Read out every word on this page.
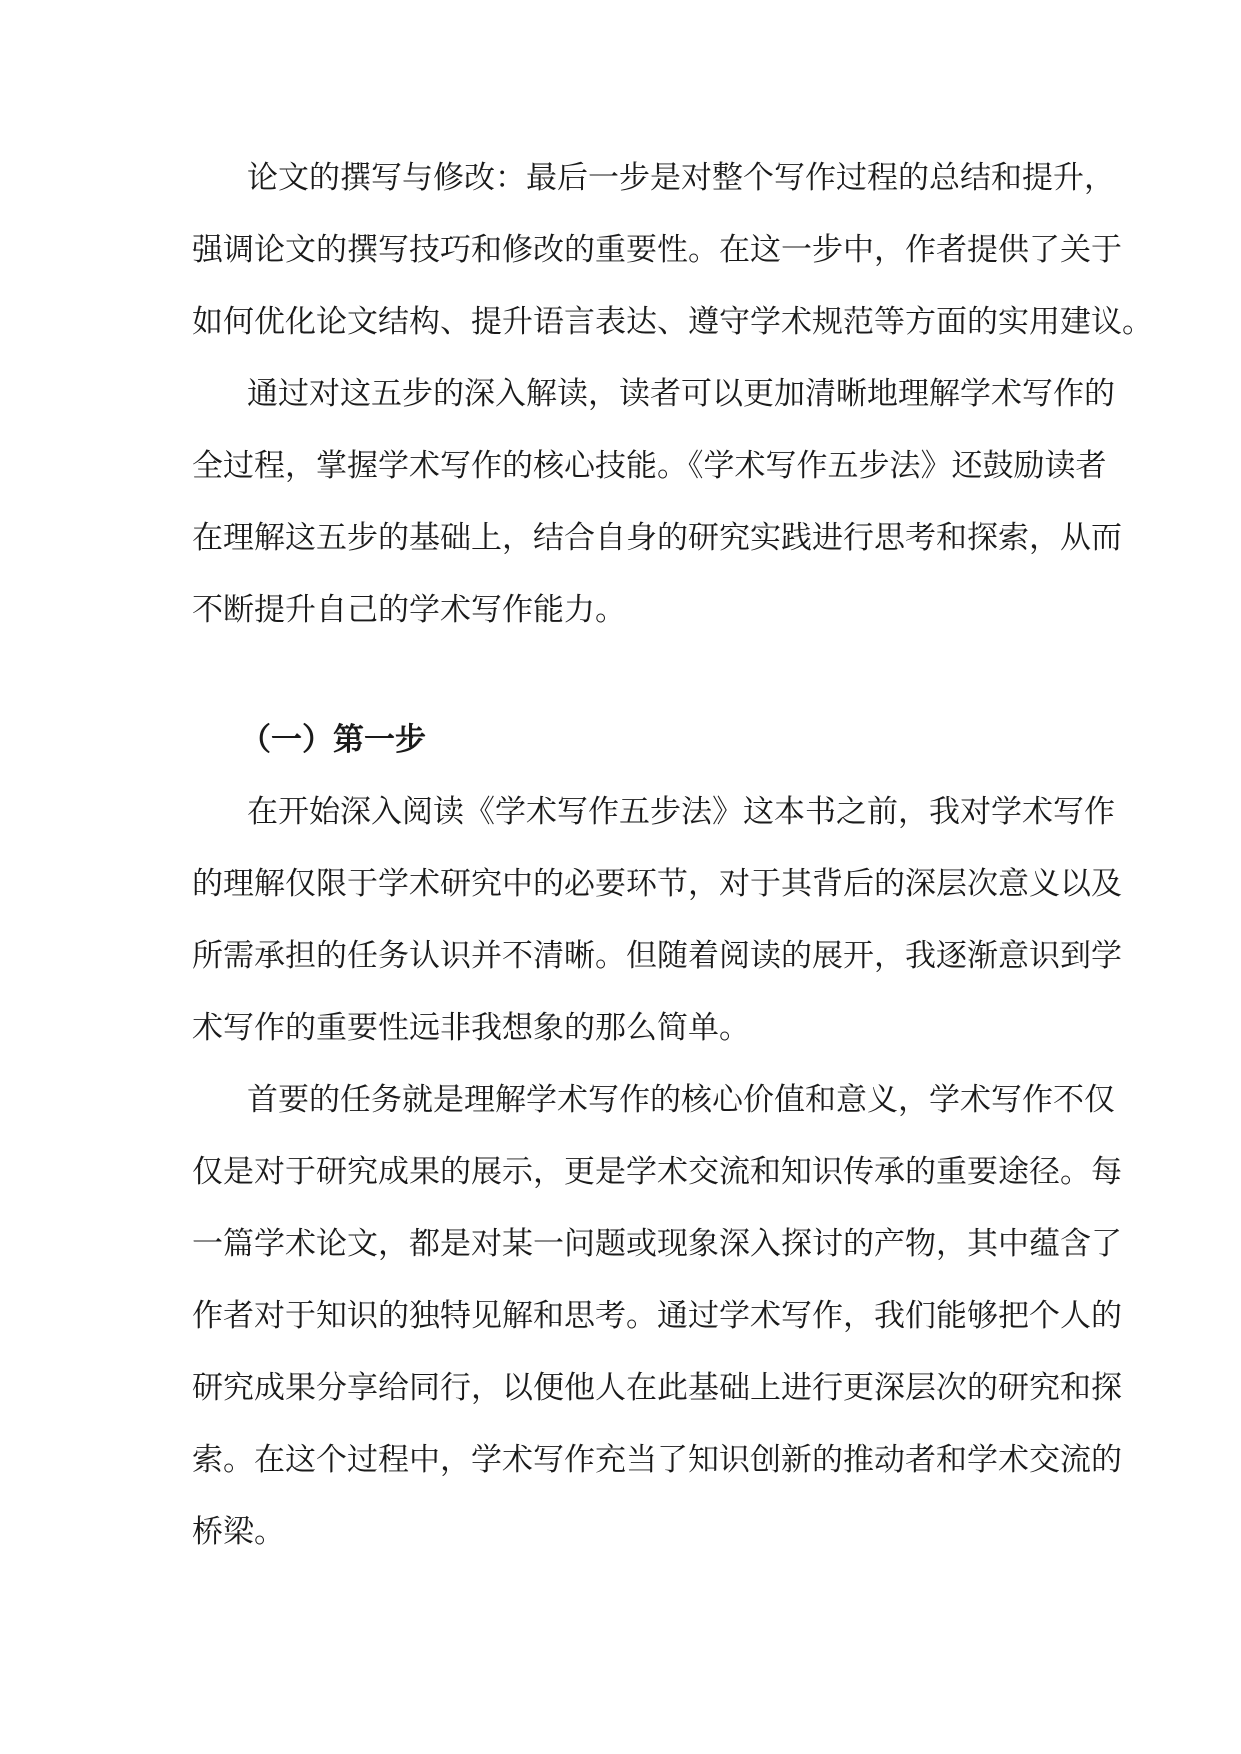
论文的撰写与修改：最后一步是对整个写作过程的总结和提升，
强调论文的撰写技巧和修改的重要性。在这一步中，作者提供了关于
如何优化论文结构、提升语言表达、遵守学术规范等方面的实用建议。
通过对这五步的深入解读，读者可以更加清晰地理解学术写作的
全过程，掌握学术写作的核心技能。《学术写作五步法》还鼓励读者
在理解这五步的基础上，结合自身的研究实践进行思考和探索，从而
不断提升自己的学术写作能力。
（一）第一步
在开始深入阅读《学术写作五步法》这本书之前，我对学术写作
的理解仅限于学术研究中的必要环节，对于其背后的深层次意义以及
所需承担的任务认识并不清晰。但随着阅读的展开，我逐渐意识到学
术写作的重要性远非我想象的那么简单。
首要的任务就是理解学术写作的核心价值和意义，学术写作不仅
仅是对于研究成果的展示，更是学术交流和知识传承的重要途径。每
一篇学术论文，都是对某一问题或现象深入探讨的产物，其中蕴含了
作者对于知识的独特见解和思考。通过学术写作，我们能够把个人的
研究成果分享给同行，以便他人在此基础上进行更深层次的研究和探
索。在这个过程中，学术写作充当了知识创新的推动者和学术交流的
桥梁。
